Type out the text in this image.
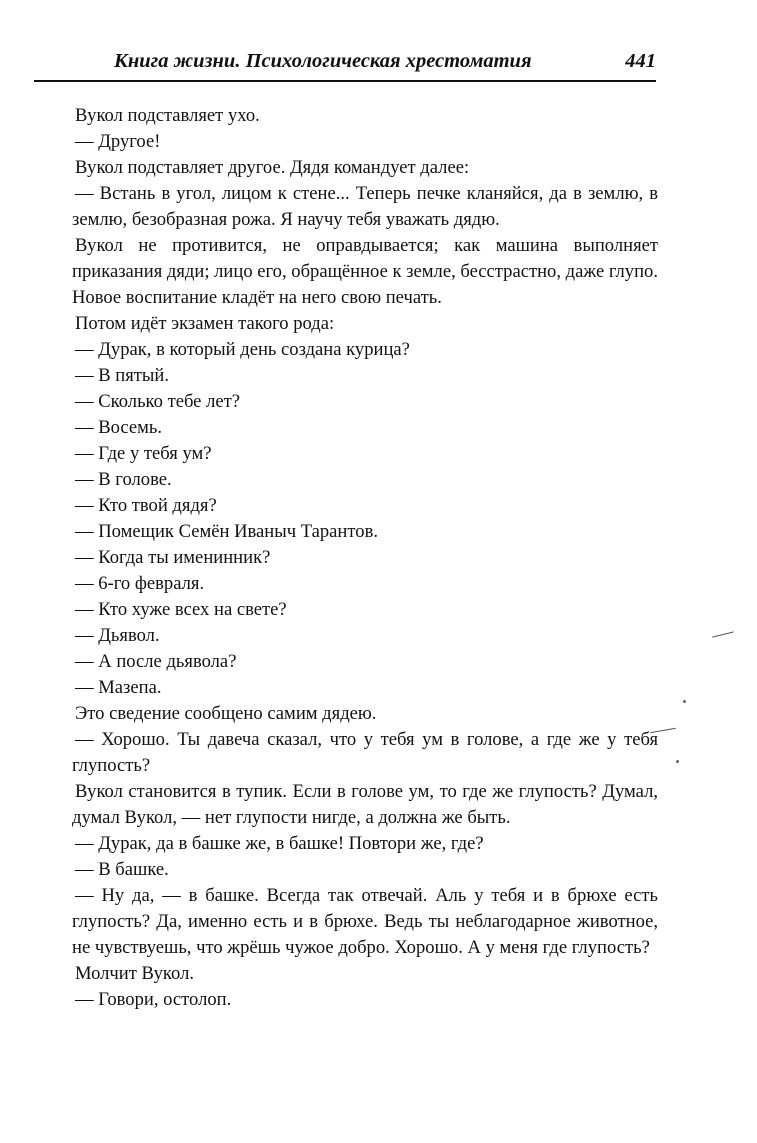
Книга жизни. Психологическая хрестоматия	441

Вукол подставляет ухо.

— Другое!

Вукол подставляет другое. Дядя командует далее:

— Встань в угол, лицом к стене... Теперь печке кланяйся, да в землю, в землю, безобразная рожа. Я научу тебя уважать дядю.

Вукол не противится, не оправдывается; как машина выполняет приказания дяди; лицо его, обращённое к земле, бесстрастно, даже глупо. Новое воспитание кладёт на него свою печать.

Потом идёт экзамен такого рода:

— Дурак, в который день создана курица?

— В пятый.

— Сколько тебе лет?

— Восемь.

— Где у тебя ум?

— В голове.

— Кто твой дядя?

— Помещик Семён Иваныч Тарантов.

— Когда ты именинник?

— 6-го февраля.

— Кто хуже всех на свете?

— Дьявол.

— А после дьявола?

— Мазепа.

Это сведение сообщено самим дядею.

— Хорошо. Ты давеча сказал, что у тебя ум в голове, а где же у тебя глупость?

Вукол становится в тупик. Если в голове ум, то где же глупость? Думал, думал Вукол, — нет глупости нигде, а должна же быть.

— Дурак, да в башке же, в башке! Повтори же, где?

— В башке.

— Ну да, — в башке. Всегда так отвечай. Аль у тебя и в брюхе есть глупость? Да, именно есть и в брюхе. Ведь ты неблагодарное животное, не чувствуешь, что жрёшь чужое добро. Хорошо. А у меня где глупость?

Молчит Вукол.

— Говори, остолоп.
